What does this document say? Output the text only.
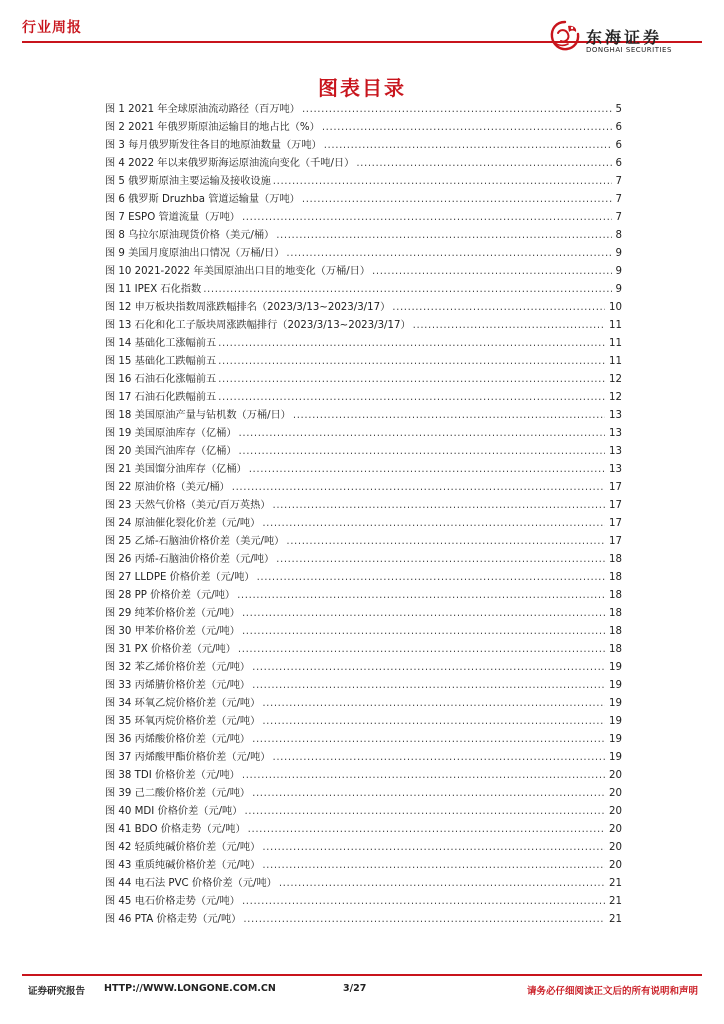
行业周报	东海证券
DONGHAI SECURITIES
图表目录
图 1 2021 年全球原油流动路径（百万吨） .....	5
图 2 2021 年俄罗斯原油运输目的地占比（%） .....	6
图 3 每月俄罗斯发往各目的地原油数量（万吨） .....	6
图 4 2022 年以来俄罗斯海运原油流向变化（千吨/日） .....	6
图 5 俄罗斯原油主要运输及接收设施 .....	7
图 6 俄罗斯 Druzhba 管道运输量（万吨） .....	7
图 7 ESPO 管道流量（万吨） .....	7
图 8 乌拉尔原油现货价格（美元/桶） .....	8
图 9 美国月度原油出口情况（万桶/日） .....	9
图 10 2021-2022 年美国原油出口目的地变化（万桶/日） .....	9
图 11 IPEX 石化指数 .....	9
图 12 申万板块指数周涨跌幅排名（2023/3/13~2023/3/17） .....	10
图 13 石化和化工子版块周涨跌幅排行（2023/3/13~2023/3/17） .....	11
图 14 基础化工涨幅前五 .....	11
图 15 基础化工跌幅前五 .....	11
图 16 石油石化涨幅前五 .....	12
图 17 石油石化跌幅前五 .....	12
图 18 美国原油产量与钻机数（万桶/日） .....	13
图 19 美国原油库存（亿桶） .....	13
图 20 美国汽油库存（亿桶） .....	13
图 21 美国馏分油库存（亿桶） .....	13
图 22 原油价格（美元/桶） .....	17
图 23 天然气价格（美元/百万英热） .....	17
图 24 原油催化裂化价差（元/吨） .....	17
图 25 乙烯-石脑油价格价差（美元/吨） .....	17
图 26 丙烯-石脑油价格价差（元/吨） .....	18
图 27 LLDPE 价格价差（元/吨） .....	18
图 28 PP 价格价差（元/吨） .....	18
图 29 纯苯价格价差（元/吨） .....	18
图 30 甲苯价格价差（元/吨） .....	18
图 31 PX 价格价差（元/吨） .....	18
图 32 苯乙烯价格价差（元/吨） .....	19
图 33 丙烯腈价格价差（元/吨） .....	19
图 34 环氧乙烷价格价差（元/吨） .....	19
图 35 环氧丙烷价格价差（元/吨） .....	19
图 36 丙烯酸价格价差（元/吨） .....	19
图 37 丙烯酸甲酯价格价差（元/吨） .....	19
图 38 TDI 价格价差（元/吨） .....	20
图 39 己二酸价格价差（元/吨） .....	20
图 40 MDI 价格价差（元/吨） .....	20
图 41 BDO 价格走势（元/吨） .....	20
图 42 轻质纯碱价格价差（元/吨） .....	20
图 43 重质纯碱价格价差（元/吨） .....	20
图 44 电石法 PVC 价格价差（元/吨） .....	21
图 45 电石价格走势（元/吨） .....	21
图 46 PTA 价格走势（元/吨） .....	21
证券研究报告 HTTP://WWW.LONGONE.COM.CN	3/27	请务必仔细阅读正文后的所有说明和声明
